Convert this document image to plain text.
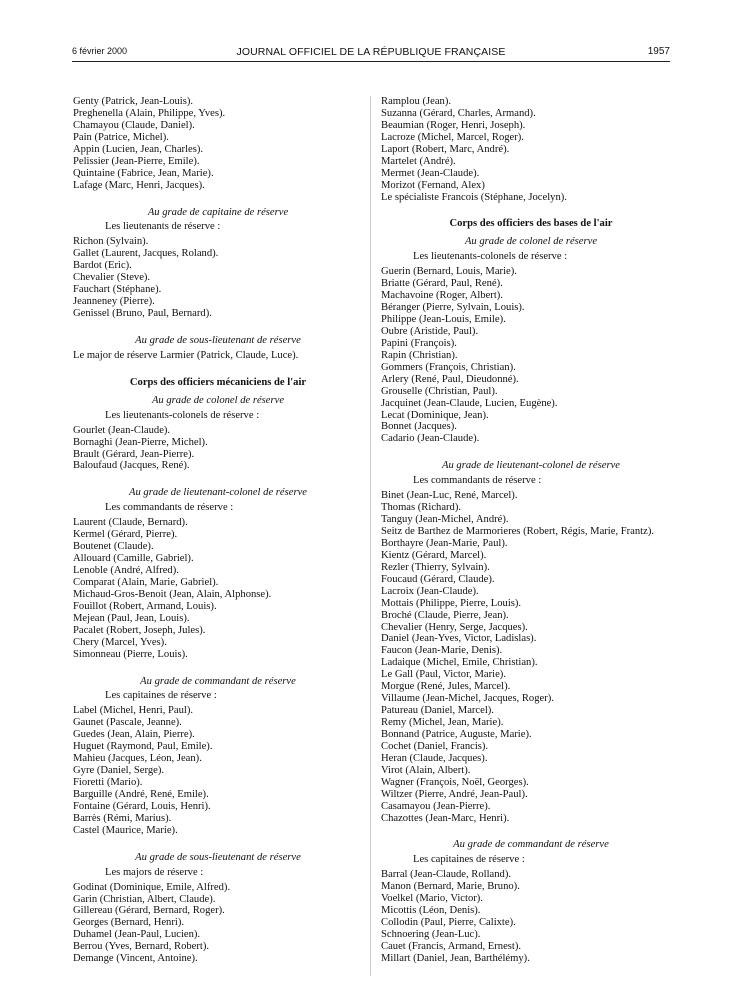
6 février 2000	JOURNAL OFFICIEL DE LA RÉPUBLIQUE FRANÇAISE	1957
Genty (Patrick, Jean-Louis).
Preghenella (Alain, Philippe, Yves).
Chamayou (Claude, Daniel).
Pain (Patrice, Michel).
Appin (Lucien, Jean, Charles).
Pelissier (Jean-Pierre, Emile).
Quintaine (Fabrice, Jean, Marie).
Lafage (Marc, Henri, Jacques).
Au grade de capitaine de réserve
Les lieutenants de réserve :
Richon (Sylvain).
Gallet (Laurent, Jacques, Roland).
Bardot (Eric).
Chevalier (Steve).
Fauchart (Stéphane).
Jeanneney (Pierre).
Genissel (Bruno, Paul, Bernard).
Au grade de sous-lieutenant de réserve
Le major de réserve Larmier (Patrick, Claude, Luce).
Corps des officiers mécaniciens de l'air
Au grade de colonel de réserve
Les lieutenants-colonels de réserve :
Gourlet (Jean-Claude).
Bornaghi (Jean-Pierre, Michel).
Brault (Gérard, Jean-Pierre).
Baloufaud (Jacques, René).
Au grade de lieutenant-colonel de réserve
Les commandants de réserve :
Laurent (Claude, Bernard).
Kermel (Gérard, Pierre).
Boutenet (Claude).
Allouard (Camille, Gabriel).
Lenoble (André, Alfred).
Comparat (Alain, Marie, Gabriel).
Michaud-Gros-Benoit (Jean, Alain, Alphonse).
Fouillot (Robert, Armand, Louis).
Mejean (Paul, Jean, Louis).
Pacalet (Robert, Joseph, Jules).
Chery (Marcel, Yves).
Simonneau (Pierre, Louis).
Au grade de commandant de réserve
Les capitaines de réserve :
Label (Michel, Henri, Paul).
Gaunet (Pascale, Jeanne).
Guedes (Jean, Alain, Pierre).
Huguet (Raymond, Paul, Emile).
Mahieu (Jacques, Léon, Jean).
Gyre (Daniel, Serge).
Fioretti (Mario).
Barguille (André, René, Emile).
Fontaine (Gérard, Louis, Henri).
Barrès (Rémi, Marius).
Castel (Maurice, Marie).
Au grade de sous-lieutenant de réserve
Les majors de réserve :
Godinat (Dominique, Emile, Alfred).
Garin (Christian, Albert, Claude).
Gillereau (Gérard, Bernard, Roger).
Georges (Bernard, Henri).
Duhamel (Jean-Paul, Lucien).
Berrou (Yves, Bernard, Robert).
Demange (Vincent, Antoine).
Ramplou (Jean).
Suzanna (Gérard, Charles, Armand).
Beaumian (Roger, Henri, Joseph).
Lacroze (Michel, Marcel, Roger).
Laport (Robert, Marc, André).
Martelet (André).
Mermet (Jean-Claude).
Morizot (Fernand, Alex)
Le spécialiste Francois (Stéphane, Jocelyn).
Corps des officiers des bases de l'air
Au grade de colonel de réserve
Les lieutenants-colonels de réserve :
Guerin (Bernard, Louis, Marie).
Briatte (Gérard, Paul, René).
Machavoine (Roger, Albert).
Béranger (Pierre, Sylvain, Louis).
Philippe (Jean-Louis, Emile).
Oubre (Aristide, Paul).
Papini (François).
Rapin (Christian).
Gommers (François, Christian).
Arlery (René, Paul, Dieudonné).
Grouselle (Christian, Paul).
Jacquinet (Jean-Claude, Lucien, Eugène).
Lecat (Dominique, Jean).
Bonnet (Jacques).
Cadario (Jean-Claude).
Au grade de lieutenant-colonel de réserve
Les commandants de réserve :
Binet (Jean-Luc, René, Marcel).
Thomas (Richard).
Tanguy (Jean-Michel, André).
Seitz de Barthez de Marmorieres (Robert, Régis, Marie, Frantz).
Borthayre (Jean-Marie, Paul).
Kientz (Gérard, Marcel).
Rezler (Thierry, Sylvain).
Foucaud (Gérard, Claude).
Lacroix (Jean-Claude).
Mottais (Philippe, Pierre, Louis).
Broché (Claude, Pierre, Jean).
Chevalier (Henry, Serge, Jacques).
Daniel (Jean-Yves, Victor, Ladislas).
Faucon (Jean-Marie, Denis).
Ladaique (Michel, Emile, Christian).
Le Gall (Paul, Victor, Marie).
Morgue (René, Jules, Marcel).
Villaume (Jean-Michel, Jacques, Roger).
Patureau (Daniel, Marcel).
Remy (Michel, Jean, Marie).
Bonnand (Patrice, Auguste, Marie).
Cochet (Daniel, Francis).
Heran (Claude, Jacques).
Virot (Alain, Albert).
Wagner (François, Noël, Georges).
Wiltzer (Pierre, André, Jean-Paul).
Casamayou (Jean-Pierre).
Chazottes (Jean-Marc, Henri).
Au grade de commandant de réserve
Les capitaines de réserve :
Barral (Jean-Claude, Rolland).
Manon (Bernard, Marie, Bruno).
Voelkel (Mario, Victor).
Micottis (Léon, Denis).
Collodin (Paul, Pierre, Calixte).
Schnoering (Jean-Luc).
Cauet (Francis, Armand, Ernest).
Millart (Daniel, Jean, Barthélémy).
